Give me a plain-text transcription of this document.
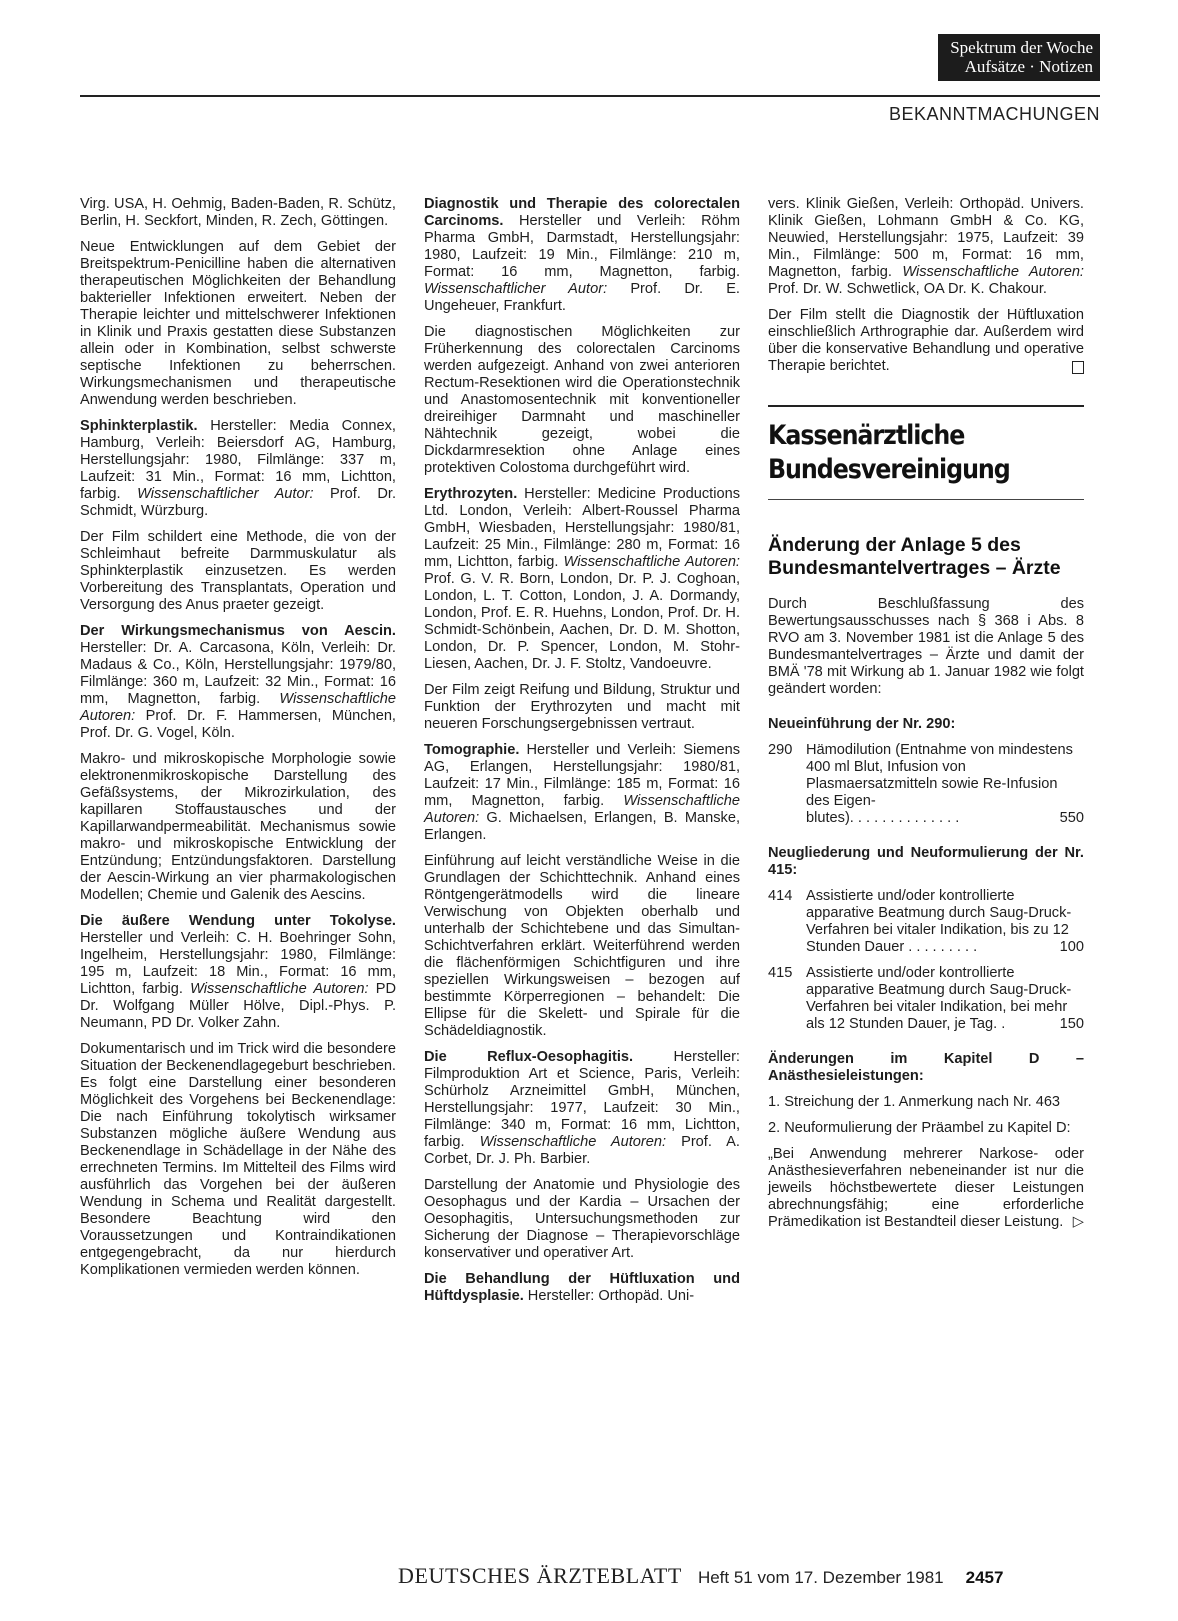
Spektrum der Woche
Aufsätze · Notizen
BEKANNTMACHUNGEN

Virg. USA, H. Oehmig, Baden-Baden, R. Schütz, Berlin, H. Seckfort, Minden, R. Zech, Göttingen.

Neue Entwicklungen auf dem Gebiet der Breitspektrum-Penicilline haben die alternativen therapeutischen Möglichkeiten der Behandlung bakterieller Infektionen erweitert. Neben der Therapie leichter und mittelschwerer Infektionen in Klinik und Praxis gestatten diese Substanzen allein oder in Kombination, selbst schwerste septische Infektionen zu beherrschen. Wirkungsmechanismen und therapeutische Anwendung werden beschrieben.

Sphinkterplastik. Hersteller: Media Connex, Hamburg, Verleih: Beiersdorf AG, Hamburg, Herstellungsjahr: 1980, Filmlänge: 337 m, Laufzeit: 31 Min., Format: 16 mm, Lichtton, farbig. Wissenschaftlicher Autor: Prof. Dr. Schmidt, Würzburg.

Der Film schildert eine Methode, die von der Schleimhaut befreite Darmmuskulatur als Sphinkterplastik einzusetzen. Es werden Vorbereitung des Transplantats, Operation und Versorgung des Anus praeter gezeigt.

Der Wirkungsmechanismus von Aescin. Hersteller: Dr. A. Carcasona, Köln, Verleih: Dr. Madaus & Co., Köln, Herstellungsjahr: 1979/80, Filmlänge: 360 m, Laufzeit: 32 Min., Format: 16 mm, Magnetton, farbig. Wissenschaftliche Autoren: Prof. Dr. F. Hammersen, München, Prof. Dr. G. Vogel, Köln.

Makro- und mikroskopische Morphologie sowie elektronenmikroskopische Darstellung des Gefäßsystems, der Mikrozirkulation, des kapillaren Stoffaustausches und der Kapillarwandpermeabilität. Mechanismus sowie makro- und mikroskopische Entwicklung der Entzündung; Entzündungsfaktoren. Darstellung der Aescin-Wirkung an vier pharmakologischen Modellen; Chemie und Galenik des Aescins.

Die äußere Wendung unter Tokolyse. Hersteller und Verleih: C. H. Boehringer Sohn, Ingelheim, Herstellungsjahr: 1980, Filmlänge: 195 m, Laufzeit: 18 Min., Format: 16 mm, Lichtton, farbig. Wissenschaftliche Autoren: PD Dr. Wolfgang Müller Hölve, Dipl.-Phys. P. Neumann, PD Dr. Volker Zahn.

Dokumentarisch und im Trick wird die besondere Situation der Beckenendlagegeburt beschrieben. Es folgt eine Darstellung einer besonderen Möglichkeit des Vorgehens bei Beckenendlage: Die nach Einführung tokolytisch wirksamer Substanzen mögliche äußere Wendung aus Beckenendlage in Schädellage in der Nähe des errechneten Termins. Im Mittelteil des Films wird ausführlich das Vorgehen bei der äußeren Wendung in Schema und Realität dargestellt. Besondere Beachtung wird den Voraussetzungen und Kontraindikationen entgegengebracht, da nur hierdurch Komplikationen vermieden werden können.

Diagnostik und Therapie des colorectalen Carcinoms. Hersteller und Verleih: Röhm Pharma GmbH, Darmstadt, Herstellungsjahr: 1980, Laufzeit: 19 Min., Filmlänge: 210 m, Format: 16 mm, Magnetton, farbig. Wissenschaftlicher Autor: Prof. Dr. E. Ungeheuer, Frankfurt.

Die diagnostischen Möglichkeiten zur Früherkennung des colorectalen Carcinoms werden aufgezeigt. Anhand von zwei anterioren Rectum-Resektionen wird die Operationstechnik und Anastomosentechnik mit konventioneller dreireihiger Darmnaht und maschineller Nähtechnik gezeigt, wobei die Dickdarmresektion ohne Anlage eines protektiven Colostoma durchgeführt wird.

Erythrozyten. Hersteller: Medicine Productions Ltd. London, Verleih: Albert-Roussel Pharma GmbH, Wiesbaden, Herstellungsjahr: 1980/81, Laufzeit: 25 Min., Filmlänge: 280 m, Format: 16 mm, Lichtton, farbig. Wissenschaftliche Autoren: Prof. G. V. R. Born, London, Dr. P. J. Coghoan, London, L. T. Cotton, London, J. A. Dormandy, London, Prof. E. R. Huehns, London, Prof. Dr. H. Schmidt-Schönbein, Aachen, Dr. D. M. Shotton, London, Dr. P. Spencer, London, M. Stohr-Liesen, Aachen, Dr. J. F. Stoltz, Vandoeuvre.

Der Film zeigt Reifung und Bildung, Struktur und Funktion der Erythrozyten und macht mit neueren Forschungsergebnissen vertraut.

Tomographie. Hersteller und Verleih: Siemens AG, Erlangen, Herstellungsjahr: 1980/81, Laufzeit: 17 Min., Filmlänge: 185 m, Format: 16 mm, Magnetton, farbig. Wissenschaftliche Autoren: G. Michaelsen, Erlangen, B. Manske, Erlangen.

Einführung auf leicht verständliche Weise in die Grundlagen der Schichttechnik. Anhand eines Röntgengerätmodells wird die lineare Verwischung von Objekten oberhalb und unterhalb der Schichtebene und das Simultan-Schichtverfahren erklärt. Weiterführend werden die flächenförmigen Schichtfiguren und ihre speziellen Wirkungsweisen – bezogen auf bestimmte Körperregionen – behandelt: Die Ellipse für die Skelett- und Spirale für die Schädeldiagnostik.

Die Reflux-Oesophagitis. Hersteller: Filmproduktion Art et Science, Paris, Verleih: Schürholz Arzneimittel GmbH, München, Herstellungsjahr: 1977, Laufzeit: 30 Min., Filmlänge: 340 m, Format: 16 mm, Lichtton, farbig. Wissenschaftliche Autoren: Prof. A. Corbet, Dr. J. Ph. Barbier.

Darstellung der Anatomie und Physiologie des Oesophagus und der Kardia – Ursachen der Oesophagitis, Untersuchungsmethoden zur Sicherung der Diagnose – Therapievorschläge konservativer und operativer Art.

Die Behandlung der Hüftluxation und Hüftdysplasie. Hersteller: Orthopäd. Uni-

vers. Klinik Gießen, Verleih: Orthopäd. Univers. Klinik Gießen, Lohmann GmbH & Co. KG, Neuwied, Herstellungsjahr: 1975, Laufzeit: 39 Min., Filmlänge: 500 m, Format: 16 mm, Magnetton, farbig. Wissenschaftliche Autoren: Prof. Dr. W. Schwetlick, OA Dr. K. Chakour.

Der Film stellt die Diagnostik der Hüftluxation einschließlich Arthrographie dar. Außerdem wird über die konservative Behandlung und operative Therapie berichtet.

Kassenärztliche Bundesvereinigung
Änderung der Anlage 5 des Bundesmantelvertrages – Ärzte

Durch Beschlußfassung des Bewertungsausschusses nach § 368 i Abs. 8 RVO am 3. November 1981 ist die Anlage 5 des Bundesmantelvertrages – Ärzte und damit der BMÄ '78 mit Wirkung ab 1. Januar 1982 wie folgt geändert worden:

Neueinführung der Nr. 290:
290 Hämodilution (Entnahme von mindestens 400 ml Blut, Infusion von Plasmaersatzmitteln sowie Re-Infusion des Eigen-
blutes). . . . . . . . . . . . . .	550
Neugliederung und Neuformulierung der Nr. 415:
414 Assistierte und/oder kontrollierte apparative Beatmung durch Saug-Druck-Verfahren bei vitaler Indikation, bis zu 12
Stunden Dauer . . . . . . . . .	100
415 Assistierte und/oder kontrollierte apparative Beatmung durch Saug-Druck-Verfahren bei vitaler Indikation, bei mehr
als 12 Stunden Dauer, je Tag. .	150
Änderungen im Kapitel D – Anästhesieleistungen:

1. Streichung der 1. Anmerkung nach Nr. 463

2. Neuformulierung der Präambel zu Kapitel D:

„Bei Anwendung mehrerer Narkose- oder Anästhesieverfahren nebeneinander ist nur die jeweils höchstbewertete dieser Leistungen abrechnungsfähig; eine erforderliche Prämedikation ist Bestandteil dieser Leistung. ▷

DEUTSCHES ÄRZTEBLATT Heft 51 vom 17. Dezember 1981 2457
